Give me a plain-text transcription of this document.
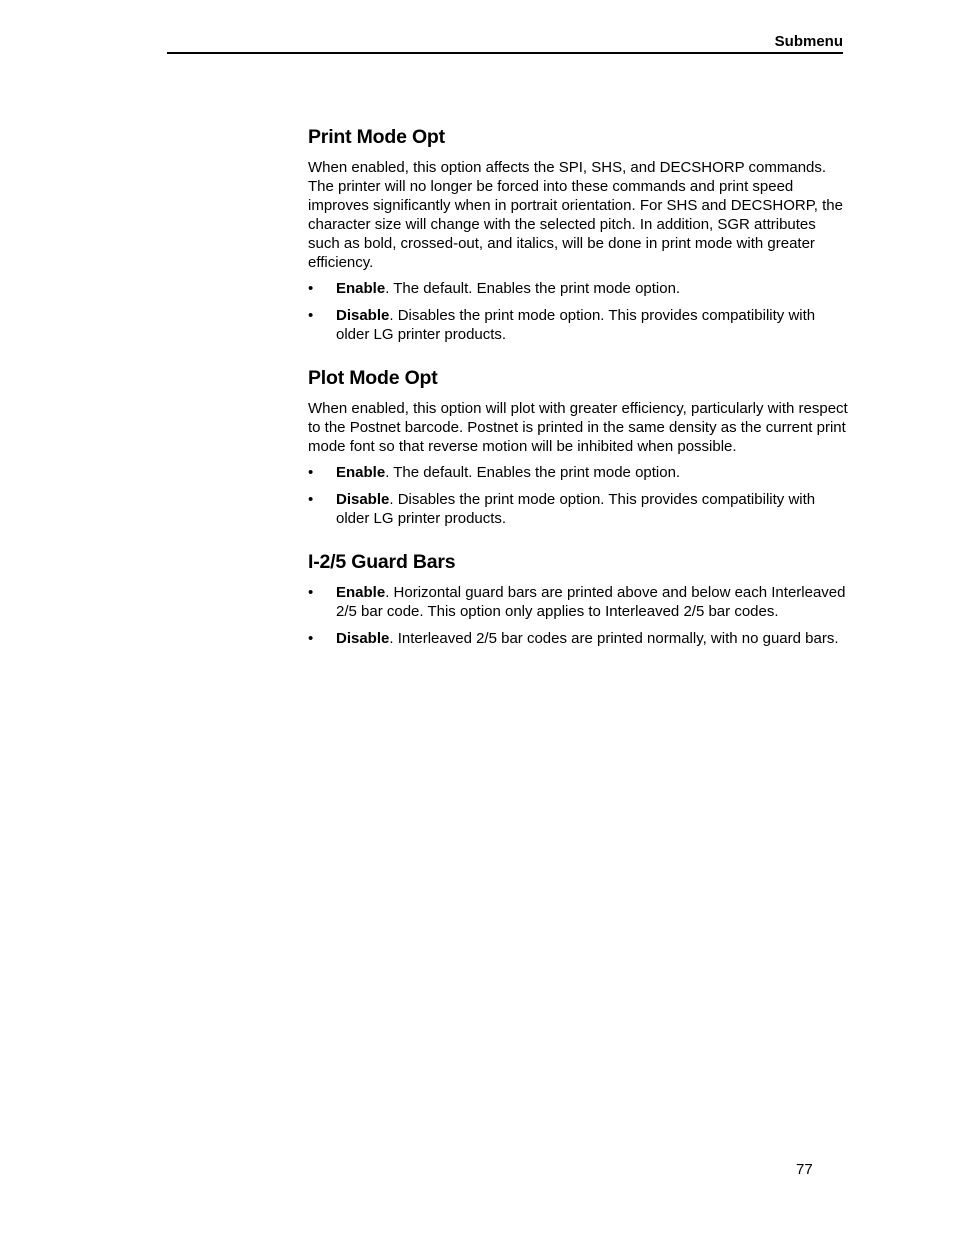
Submenu
Print Mode Opt

When enabled, this option affects the SPI, SHS, and DECSHORP commands. The printer will no longer be forced into these commands and print speed improves significantly when in portrait orientation. For SHS and DECSHORP, the character size will change with the selected pitch. In addition, SGR attributes such as bold, crossed-out, and italics, will be done in print mode with greater efficiency.

• Enable. The default. Enables the print mode option.
• Disable. Disables the print mode option. This provides compatibility with older LG printer products.
Plot Mode Opt

When enabled, this option will plot with greater efficiency, particularly with respect to the Postnet barcode. Postnet is printed in the same density as the current print mode font so that reverse motion will be inhibited when possible.

• Enable. The default. Enables the print mode option.
• Disable. Disables the print mode option. This provides compatibility with older LG printer products.
I-2/5 Guard Bars
• Enable. Horizontal guard bars are printed above and below each Interleaved 2/5 bar code. This option only applies to Interleaved 2/5 bar codes.
• Disable. Interleaved 2/5 bar codes are printed normally, with no guard bars.
77
